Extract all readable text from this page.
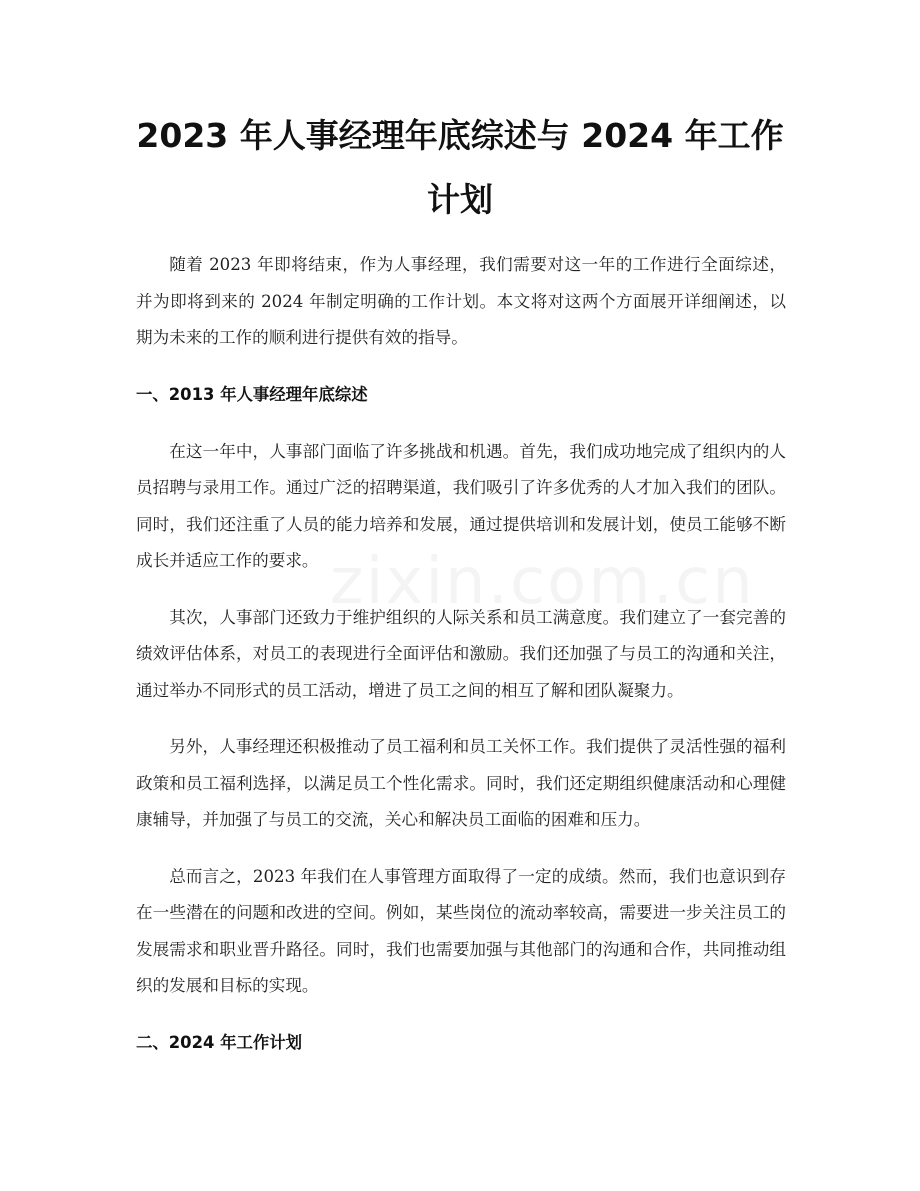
2023 年人事经理年底综述与 2024 年工作计划

随着 2023 年即将结束，作为人事经理，我们需要对这一年的工作进行全面综述，并为即将到来的 2024 年制定明确的工作计划。本文将对这两个方面展开详细阐述，以期为未来的工作的顺利进行提供有效的指导。

一、2013 年人事经理年底综述

在这一年中，人事部门面临了许多挑战和机遇。首先，我们成功地完成了组织内的人员招聘与录用工作。通过广泛的招聘渠道，我们吸引了许多优秀的人才加入我们的团队。同时，我们还注重了人员的能力培养和发展，通过提供培训和发展计划，使员工能够不断成长并适应工作的要求。

其次，人事部门还致力于维护组织的人际关系和员工满意度。我们建立了一套完善的绩效评估体系，对员工的表现进行全面评估和激励。我们还加强了与员工的沟通和关注，通过举办不同形式的员工活动，增进了员工之间的相互了解和团队凝聚力。

另外，人事经理还积极推动了员工福利和员工关怀工作。我们提供了灵活性强的福利政策和员工福利选择，以满足员工个性化需求。同时，我们还定期组织健康活动和心理健康辅导，并加强了与员工的交流，关心和解决员工面临的困难和压力。

总而言之，2023 年我们在人事管理方面取得了一定的成绩。然而，我们也意识到存在一些潜在的问题和改进的空间。例如，某些岗位的流动率较高，需要进一步关注员工的发展需求和职业晋升路径。同时，我们也需要加强与其他部门的沟通和合作，共同推动组织的发展和目标的实现。

二、2024 年工作计划
